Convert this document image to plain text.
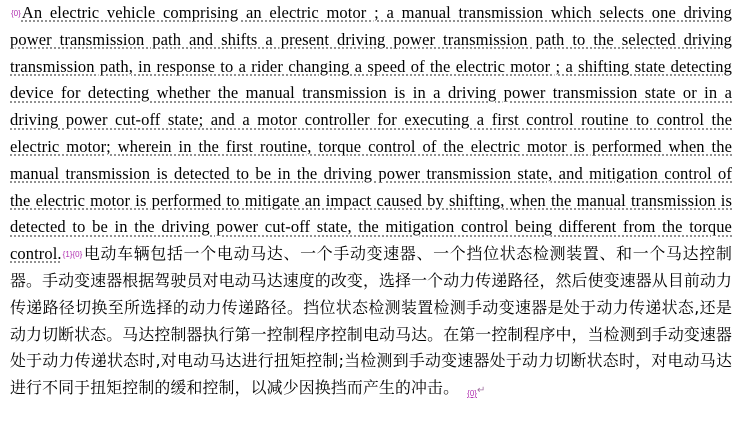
{0}An electric vehicle comprising an electric motor ; a manual transmission which selects one driving power transmission path and shifts a present driving power transmission path to the selected driving transmission path, in response to a rider changing a speed of the electric motor ; a shifting state detecting device for detecting whether the manual transmission is in a driving power transmission state or in a driving power cut-off state; and a motor controller for executing a first control routine to control the electric motor; wherein in the first routine, torque control of the electric motor is performed when the manual transmission is detected to be in the driving power transmission state, and mitigation control of the electric motor is performed to mitigate an impact caused by shifting, when the manual transmission is detected to be in the driving power cut-off state, the mitigation control being different from the torque control.{1}{0}电动车辆包括一个电动马达、一个手动变速器、一个挡位状态检测装置、和一个马达控制器。手动变速器根据驾驶员对电动马达速度的改变，选择一个动力传递路径，然后使变速器从目前动力传递路径切换至所选择的动力传递路径。挡位状态检测装置检测手动变速器是处于动力传递状态,还是动力切断状态。马达控制器执行第一控制程序控制电动马达。在第一控制程序中，当检测到手动变速器处于动力传递状态时,对电动马达进行扭矩控制;当检测到手动变速器处于动力切断状态时，对电动马达进行不同于扭矩控制的缓和控制，以减少因换挡而产生的冲击。 {0}↵
